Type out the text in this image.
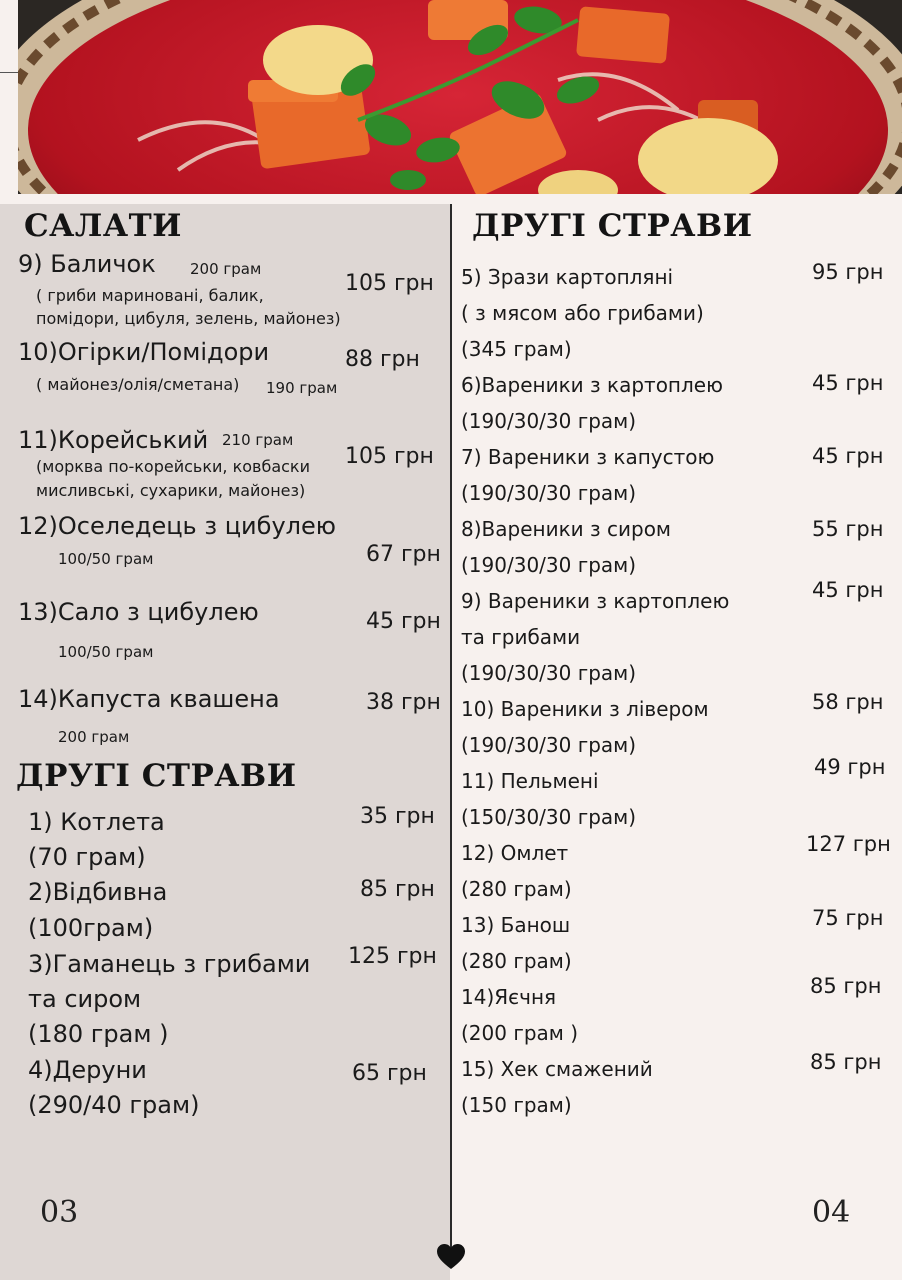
САЛАТИ
9) Баличок 200 грам
( гриби мариновані, балик,
помідори, цибуля, зелень, майонез)
105 грн
10)Огірки/Помідори
( майонез/олія/сметана) 190 грам
88 грн
11)Корейський 210 грам
(морква по-корейськи, ковбаски
мисливські, сухарики, майонез)
105 грн
12)Оселедець з цибулею
100/50 грам	67 грн
13)Сало з цибулею
100/50 грам
45 грн
14)Капуста квашена
200 грам
38 грн
ДРУГІ СТРАВИ
1) Котлета
(70 грам)
35 грн
2)Відбивна
(100грам)
85 грн
3)Гаманець з грибами
та сиром
(180 грам )
125 грн
4)Деруни
(290/40 грам)
65 грн
03
ДРУГІ СТРАВИ
5) Зрази картопляні
( з мясом або грибами)
(345 грам)
95 грн
6)Вареники з картоплею
(190/30/30 грам)
45 грн
7) Вареники з капустою
(190/30/30 грам)
45 грн
8)Вареники з сиром
(190/30/30 грам)
55 грн
9) Вареники з картоплею
та грибами
(190/30/30 грам)
45 грн
10) Вареники з лівером
(190/30/30 грам)
58 грн
11) Пельмені
(150/30/30 грам)
49 грн
12) Омлет
(280 грам)
127 грн
13) Банош
(280 грам)
75 грн
14)Яєчня
(200 грам )
85 грн
15) Хек смажений
(150 грам)
85 грн
04
